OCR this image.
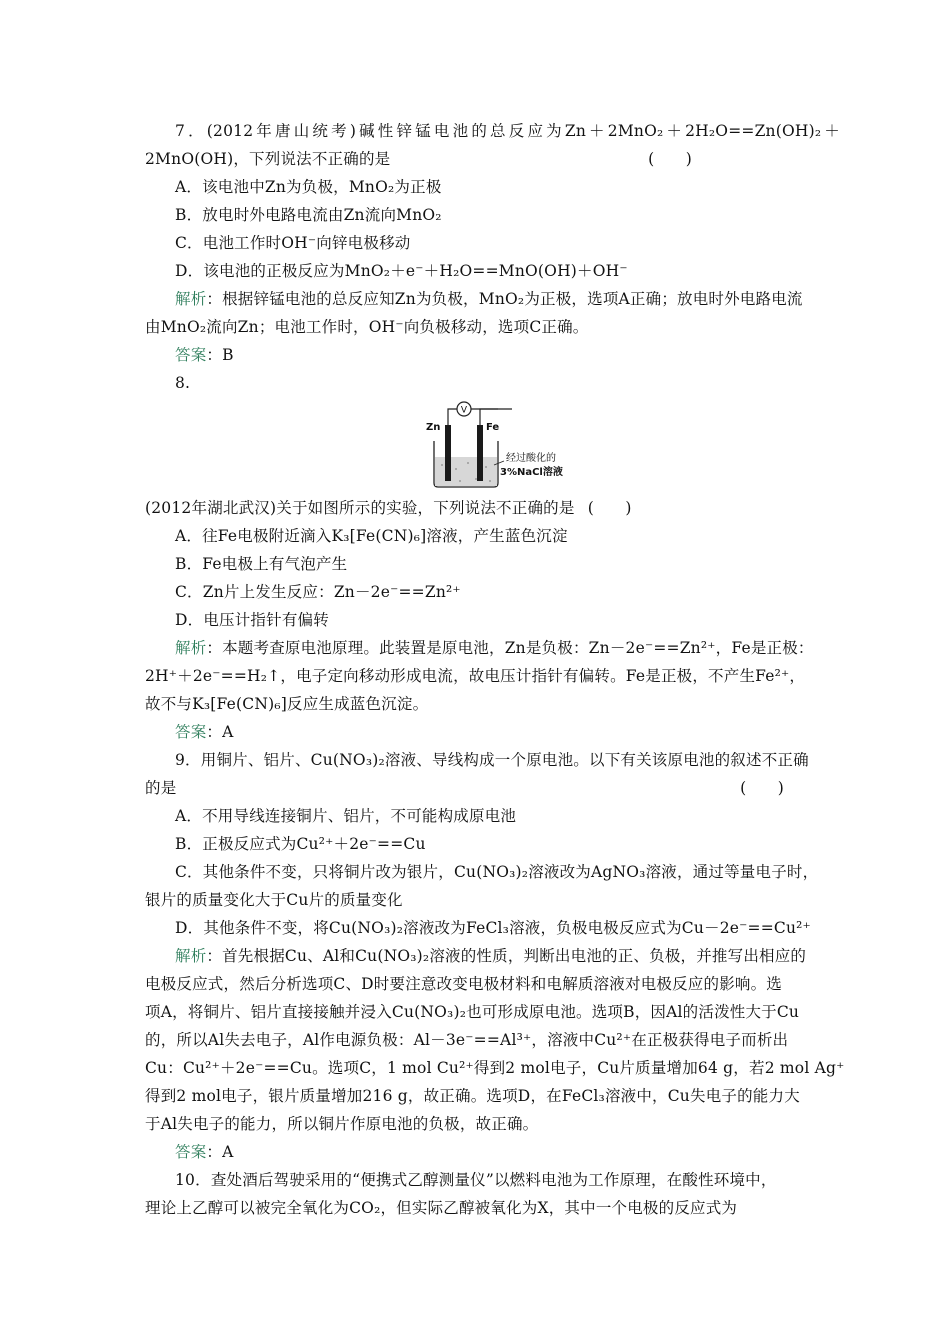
7．(2012年唐山统考)碱性锌锰电池的总反应为Zn＋2MnO₂＋2H₂O==Zn(OH)₂＋
2MnO(OH)，下列说法不正确的是	(　　)
A．该电池中Zn为负极，MnO₂为正极
B．放电时外电路电流由Zn流向MnO₂
C．电池工作时OH⁻向锌电极移动
D．该电池的正极反应为MnO₂＋e⁻＋H₂O==MnO(OH)＋OH⁻
解析：根据锌锰电池的总反应知Zn为负极，MnO₂为正极，选项A正确；放电时外电路电流
由MnO₂流向Zn；电池工作时，OH⁻向负极移动，选项C正确。
答案：B
8.
V
Zn	Fe
经过酸化的
3%NaCl溶液
(2012年湖北武汉)关于如图所示的实验，下列说法不正确的是 (　　)
A．往Fe电极附近滴入K₃[Fe(CN)₆]溶液，产生蓝色沉淀
B．Fe电极上有气泡产生
C．Zn片上发生反应：Zn－2e⁻==Zn²⁺
D．电压计指针有偏转
解析：本题考查原电池原理。此装置是原电池，Zn是负极：Zn－2e⁻==Zn²⁺，Fe是正极：
2H⁺＋2e⁻==H₂↑，电子定向移动形成电流，故电压计指针有偏转。Fe是正极，不产生Fe²⁺，
故不与K₃[Fe(CN)₆]反应生成蓝色沉淀。
答案：A
9．用铜片、铝片、Cu(NO₃)₂溶液、导线构成一个原电池。以下有关该原电池的叙述不正确
的是	(　　)
A．不用导线连接铜片、铝片，不可能构成原电池
B．正极反应式为Cu²⁺＋2e⁻==Cu
C．其他条件不变，只将铜片改为银片，Cu(NO₃)₂溶液改为AgNO₃溶液，通过等量电子时，
银片的质量变化大于Cu片的质量变化
D．其他条件不变，将Cu(NO₃)₂溶液改为FeCl₃溶液，负极电极反应式为Cu－2e⁻==Cu²⁺
解析：首先根据Cu、Al和Cu(NO₃)₂溶液的性质，判断出电池的正、负极，并推写出相应的
电极反应式，然后分析选项C、D时要注意改变电极材料和电解质溶液对电极反应的影响。选
项A，将铜片、铝片直接接触并浸入Cu(NO₃)₂也可形成原电池。选项B，因Al的活泼性大于Cu
的，所以Al失去电子，Al作电源负极：Al－3e⁻==Al³⁺，溶液中Cu²⁺在正极获得电子而析出
Cu：Cu²⁺＋2e⁻==Cu。选项C，1 mol Cu²⁺得到2 mol电子，Cu片质量增加64 g，若2 mol Ag⁺
得到2 mol电子，银片质量增加216 g，故正确。选项D，在FeCl₃溶液中，Cu失电子的能力大
于Al失电子的能力，所以铜片作原电池的负极，故正确。
答案：A
10．查处酒后驾驶采用的“便携式乙醇测量仪”以燃料电池为工作原理，在酸性环境中，
理论上乙醇可以被完全氧化为CO₂，但实际乙醇被氧化为X，其中一个电极的反应式为
